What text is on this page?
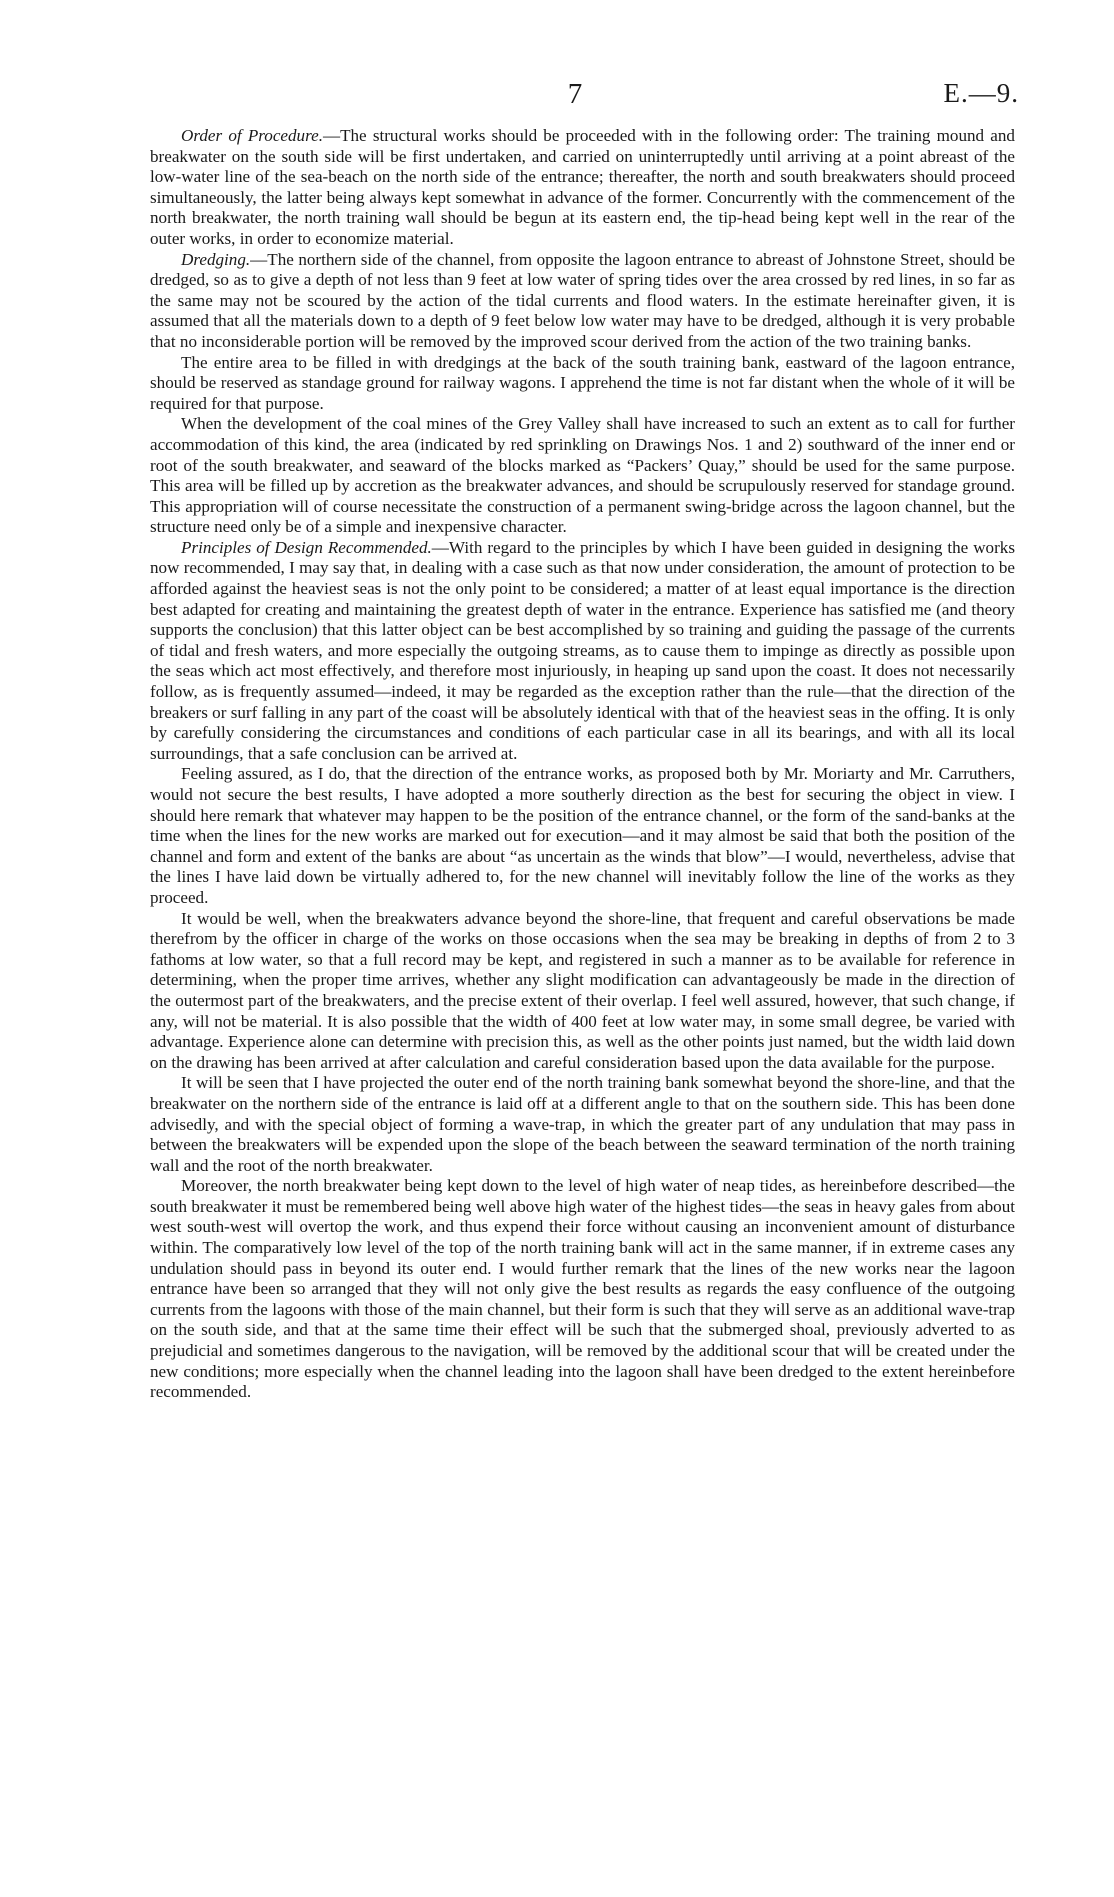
7	E.—9.

Order of Procedure.—The structural works should be proceeded with in the following order: The training mound and breakwater on the south side will be first undertaken, and carried on uninterruptedly until arriving at a point abreast of the low-water line of the sea-beach on the north side of the entrance; thereafter, the north and south breakwaters should proceed simultaneously, the latter being always kept somewhat in advance of the former. Concurrently with the commencement of the north breakwater, the north training wall should be begun at its eastern end, the tip-head being kept well in the rear of the outer works, in order to economize material.

Dredging.—The northern side of the channel, from opposite the lagoon entrance to abreast of Johnstone Street, should be dredged, so as to give a depth of not less than 9 feet at low water of spring tides over the area crossed by red lines, in so far as the same may not be scoured by the action of the tidal currents and flood waters. In the estimate hereinafter given, it is assumed that all the materials down to a depth of 9 feet below low water may have to be dredged, although it is very probable that no inconsiderable portion will be removed by the improved scour derived from the action of the two training banks.

The entire area to be filled in with dredgings at the back of the south training bank, eastward of the lagoon entrance, should be reserved as standage ground for railway wagons. I apprehend the time is not far distant when the whole of it will be required for that purpose.

When the development of the coal mines of the Grey Valley shall have increased to such an extent as to call for further accommodation of this kind, the area (indicated by red sprinkling on Drawings Nos. 1 and 2) southward of the inner end or root of the south breakwater, and seaward of the blocks marked as “Packers’ Quay,” should be used for the same purpose. This area will be filled up by accretion as the breakwater advances, and should be scrupulously reserved for standage ground. This appropriation will of course necessitate the construction of a permanent swing-bridge across the lagoon channel, but the structure need only be of a simple and inexpensive character.

Principles of Design Recommended.—With regard to the principles by which I have been guided in designing the works now recommended, I may say that, in dealing with a case such as that now under consideration, the amount of protection to be afforded against the heaviest seas is not the only point to be considered; a matter of at least equal importance is the direction best adapted for creating and maintaining the greatest depth of water in the entrance. Experience has satisfied me (and theory supports the conclusion) that this latter object can be best accomplished by so training and guiding the passage of the currents of tidal and fresh waters, and more especially the outgoing streams, as to cause them to impinge as directly as possible upon the seas which act most effectively, and therefore most injuriously, in heaping up sand upon the coast. It does not necessarily follow, as is frequently assumed—indeed, it may be regarded as the exception rather than the rule—that the direction of the breakers or surf falling in any part of the coast will be absolutely identical with that of the heaviest seas in the offing. It is only by carefully considering the circumstances and conditions of each particular case in all its bearings, and with all its local surroundings, that a safe conclusion can be arrived at.

Feeling assured, as I do, that the direction of the entrance works, as proposed both by Mr. Moriarty and Mr. Carruthers, would not secure the best results, I have adopted a more southerly direction as the best for securing the object in view. I should here remark that whatever may happen to be the position of the entrance channel, or the form of the sand-banks at the time when the lines for the new works are marked out for execution—and it may almost be said that both the position of the channel and form and extent of the banks are about “as uncertain as the winds that blow”—I would, nevertheless, advise that the lines I have laid down be virtually adhered to, for the new channel will inevitably follow the line of the works as they proceed.

It would be well, when the breakwaters advance beyond the shore-line, that frequent and careful observations be made therefrom by the officer in charge of the works on those occasions when the sea may be breaking in depths of from 2 to 3 fathoms at low water, so that a full record may be kept, and registered in such a manner as to be available for reference in determining, when the proper time arrives, whether any slight modification can advantageously be made in the direction of the outermost part of the breakwaters, and the precise extent of their overlap. I feel well assured, however, that such change, if any, will not be material. It is also possible that the width of 400 feet at low water may, in some small degree, be varied with advantage. Experience alone can determine with precision this, as well as the other points just named, but the width laid down on the drawing has been arrived at after calculation and careful consideration based upon the data available for the purpose.

It will be seen that I have projected the outer end of the north training bank somewhat beyond the shore-line, and that the breakwater on the northern side of the entrance is laid off at a different angle to that on the southern side. This has been done advisedly, and with the special object of forming a wave-trap, in which the greater part of any undulation that may pass in between the breakwaters will be expended upon the slope of the beach between the seaward termination of the north training wall and the root of the north breakwater.

Moreover, the north breakwater being kept down to the level of high water of neap tides, as hereinbefore described—the south breakwater it must be remembered being well above high water of the highest tides—the seas in heavy gales from about west south-west will overtop the work, and thus expend their force without causing an inconvenient amount of disturbance within. The comparatively low level of the top of the north training bank will act in the same manner, if in extreme cases any undulation should pass in beyond its outer end. I would further remark that the lines of the new works near the lagoon entrance have been so arranged that they will not only give the best results as regards the easy confluence of the outgoing currents from the lagoons with those of the main channel, but their form is such that they will serve as an additional wave-trap on the south side, and that at the same time their effect will be such that the submerged shoal, previously adverted to as prejudicial and sometimes dangerous to the navigation, will be removed by the additional scour that will be created under the new conditions; more especially when the channel leading into the lagoon shall have been dredged to the extent hereinbefore recommended.
